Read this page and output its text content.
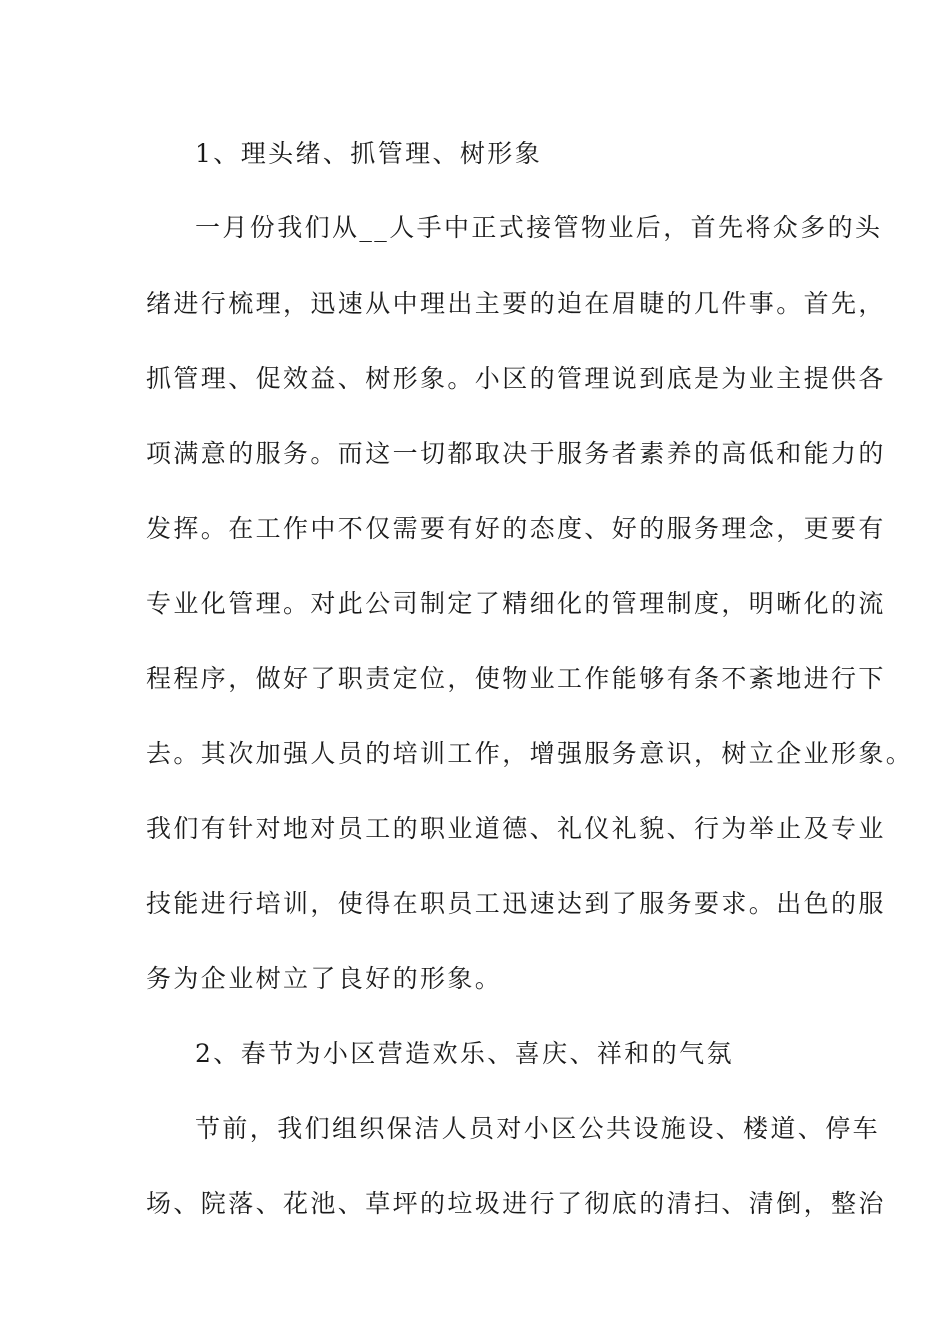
1、理头绪、抓管理、树形象
一月份我们从__人手中正式接管物业后，首先将众多的头
绪进行梳理，迅速从中理出主要的迫在眉睫的几件事。首先，
抓管理、促效益、树形象。小区的管理说到底是为业主提供各
项满意的服务。而这一切都取决于服务者素养的高低和能力的
发挥。在工作中不仅需要有好的态度、好的服务理念，更要有
专业化管理。对此公司制定了精细化的管理制度，明晰化的流
程程序，做好了职责定位，使物业工作能够有条不紊地进行下
去。其次加强人员的培训工作，增强服务意识，树立企业形象。
我们有针对地对员工的职业道德、礼仪礼貌、行为举止及专业
技能进行培训，使得在职员工迅速达到了服务要求。出色的服
务为企业树立了良好的形象。
2、春节为小区营造欢乐、喜庆、祥和的气氛
节前，我们组织保洁人员对小区公共设施设、楼道、停车
场、院落、花池、草坪的垃圾进行了彻底的清扫、清倒，整治
